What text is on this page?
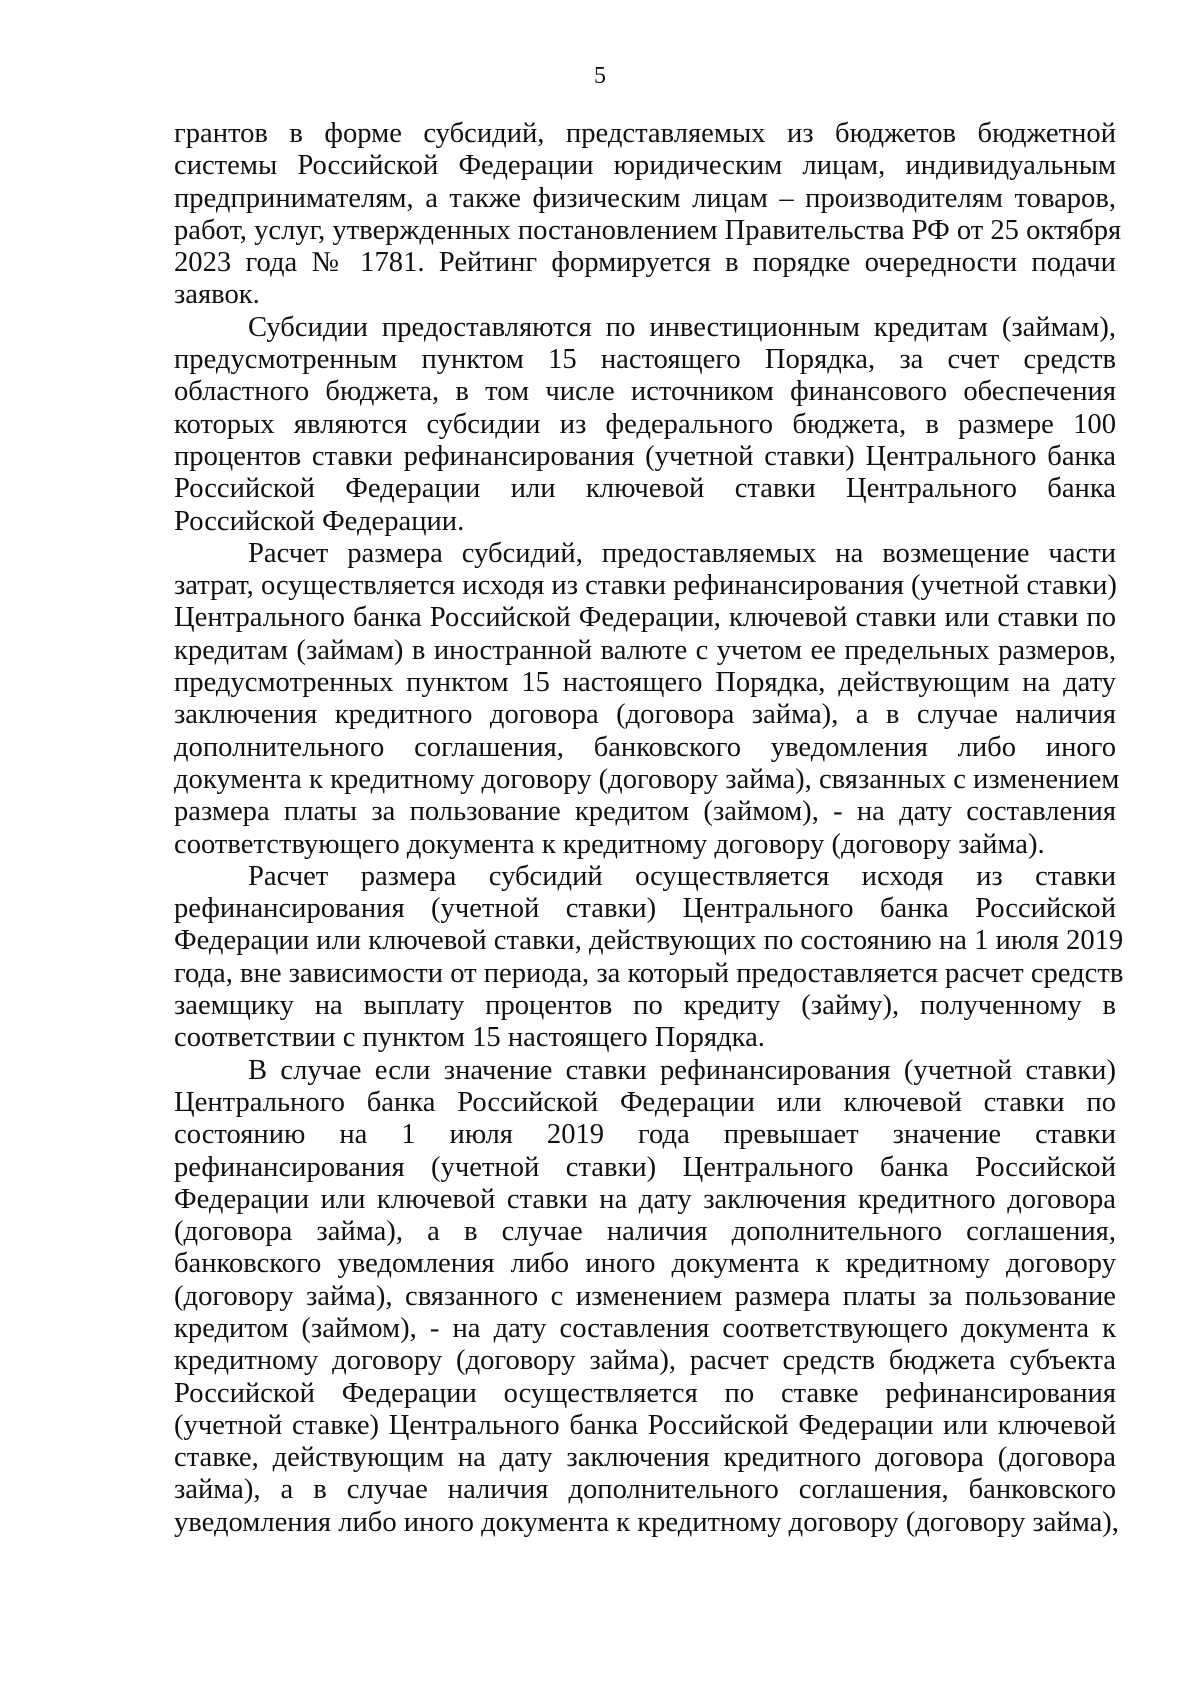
5
грантов в форме субсидий, представляемых из бюджетов бюджетной
системы Российской Федерации юридическим лицам, индивидуальным
предпринимателям, а также физическим лицам – производителям товаров,
работ, услуг, утвержденных постановлением Правительства РФ от 25 октября
2023 года № 1781. Рейтинг формируется в порядке очередности подачи
заявок.
Субсидии предоставляются по инвестиционным кредитам (займам),
предусмотренным пунктом 15 настоящего Порядка, за счет средств
областного бюджета, в том числе источником финансового обеспечения
которых являются субсидии из федерального бюджета, в размере 100
процентов ставки рефинансирования (учетной ставки) Центрального банка
Российской Федерации или ключевой ставки Центрального банка
Российской Федерации.
Расчет размера субсидий, предоставляемых на возмещение части
затрат, осуществляется исходя из ставки рефинансирования (учетной ставки)
Центрального банка Российской Федерации, ключевой ставки или ставки по
кредитам (займам) в иностранной валюте с учетом ее предельных размеров,
предусмотренных пунктом 15 настоящего Порядка, действующим на дату
заключения кредитного договора (договора займа), а в случае наличия
дополнительного соглашения, банковского уведомления либо иного
документа к кредитному договору (договору займа), связанных с изменением
размера платы за пользование кредитом (займом), - на дату составления
соответствующего документа к кредитному договору (договору займа).
Расчет размера субсидий осуществляется исходя из ставки
рефинансирования (учетной ставки) Центрального банка Российской
Федерации или ключевой ставки, действующих по состоянию на 1 июля 2019
года, вне зависимости от периода, за который предоставляется расчет средств
заемщику на выплату процентов по кредиту (займу), полученному в
соответствии с пунктом 15 настоящего Порядка.
В случае если значение ставки рефинансирования (учетной ставки)
Центрального банка Российской Федерации или ключевой ставки по
состоянию на 1 июля 2019 года превышает значение ставки
рефинансирования (учетной ставки) Центрального банка Российской
Федерации или ключевой ставки на дату заключения кредитного договора
(договора займа), а в случае наличия дополнительного соглашения,
банковского уведомления либо иного документа к кредитному договору
(договору займа), связанного с изменением размера платы за пользование
кредитом (займом), - на дату составления соответствующего документа к
кредитному договору (договору займа), расчет средств бюджета субъекта
Российской Федерации осуществляется по ставке рефинансирования
(учетной ставке) Центрального банка Российской Федерации или ключевой
ставке, действующим на дату заключения кредитного договора (договора
займа), а в случае наличия дополнительного соглашения, банковского
уведомления либо иного документа к кредитному договору (договору займа),
